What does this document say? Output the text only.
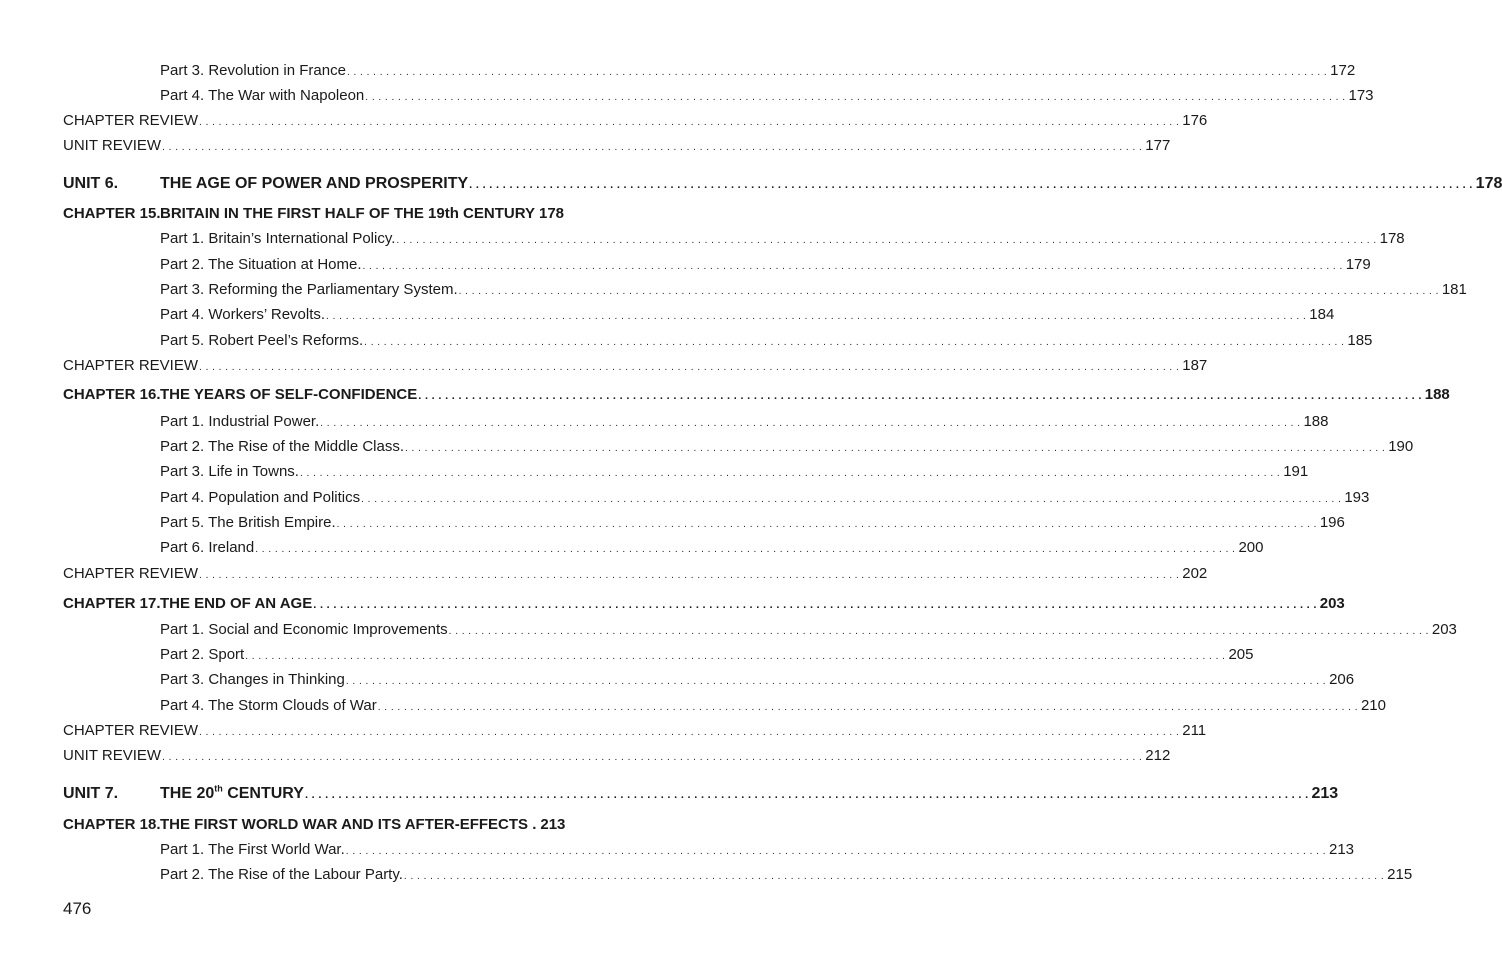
Part 3. Revolution in France . . .	172
Part 4. The War with Napoleon . . .	173
CHAPTER REVIEW . . .	176
UNIT REVIEW . . .	177
UNIT 6.	THE AGE OF POWER AND PROSPERITY . . .	178
CHAPTER 15. BRITAIN IN THE FIRST HALF OF THE 19th CENTURY 178
Part 1. Britain’s International Policy. . . .	178
Part 2. The Situation at Home. . . .	179
Part 3. Reforming the Parliamentary System. . . .	181
Part 4. Workers’ Revolts. . . .	184
Part 5. Robert Peel’s Reforms. . . .	185
CHAPTER REVIEW . . .	187
CHAPTER 16. THE YEARS OF SELF-CONFIDENCE . . .	188
Part 1. Industrial Power. . . .	188
Part 2. The Rise of the Middle Class. . . .	190
Part 3. Life in Towns. . . .	191
Part 4. Population and Politics . . .	193
Part 5. The British Empire. . . .	196
Part 6. Ireland . . .	200
CHAPTER REVIEW . . .	202
CHAPTER 17. THE END OF AN AGE . . .	203
Part 1. Social and Economic Improvements . . .	203
Part 2. Sport . . .	205
Part 3. Changes in Thinking . . .	206
Part 4. The Storm Clouds of War . . .	210
CHAPTER REVIEW . . .	211
UNIT REVIEW . . .	212
UNIT 7.	THE 20th CENTURY . . .	213
CHAPTER 18. THE FIRST WORLD WAR AND ITS AFTER-EFFECTS . 213
Part 1. The First World War. . . .	213
Part 2. The Rise of the Labour Party. . . .	215
476
